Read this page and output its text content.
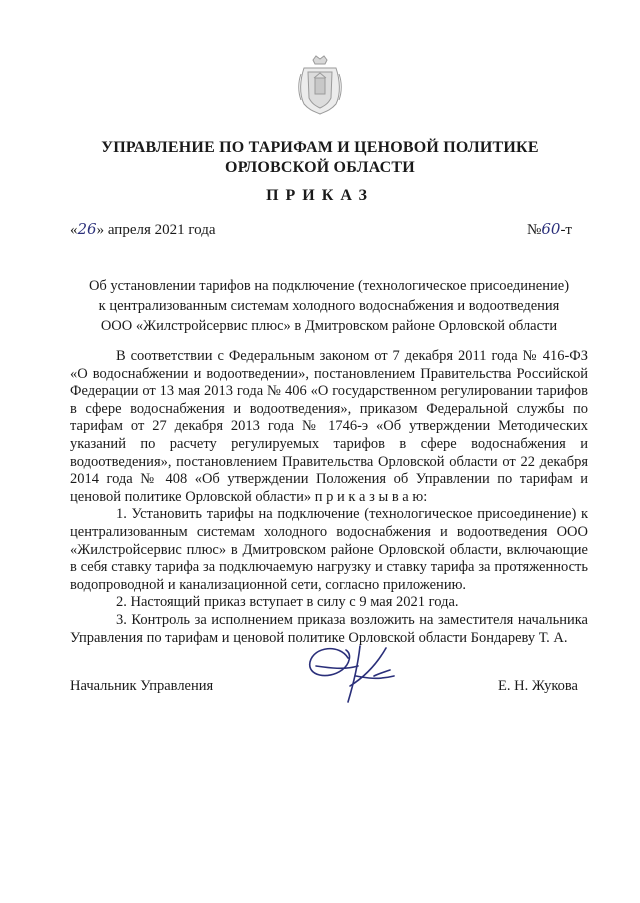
УПРАВЛЕНИЕ ПО ТАРИФАМ И ЦЕНОВОЙ ПОЛИТИКЕ
ОРЛОВСКОЙ ОБЛАСТИ
ПРИКАЗ
«26» апреля 2021 года	№60-т
Об установлении тарифов на подключение (технологическое присоединение)
к централизованным системам холодного водоснабжения и водоотведения
ООО «Жилстройсервис плюс» в Дмитровском районе Орловской области

В соответствии с Федеральным законом от 7 декабря 2011 года № 416-ФЗ «О водоснабжении и водоотведении», постановлением Правительства Российской Федерации от 13 мая 2013 года № 406 «О государственном регулировании тарифов в сфере водоснабжения и водоотведения», приказом Федеральной службы по тарифам от 27 декабря 2013 года № 1746-э «Об утверждении Методических указаний по расчету регулируемых тарифов в сфере водоснабжения и водоотведения», постановлением Правительства Орловской области от 22 декабря 2014 года № 408 «Об утверждении Положения об Управлении по тарифам и ценовой политике Орловской области» п р и к а з ы в а ю:

1. Установить тарифы на подключение (технологическое присоединение) к централизованным системам холодного водоснабжения и водоотведения ООО «Жилстройсервис плюс» в Дмитровском районе Орловской области, включающие в себя ставку тарифа за подключаемую нагрузку и ставку тарифа за протяженность водопроводной и канализационной сети, согласно приложению.

2. Настоящий приказ вступает в силу с 9 мая 2021 года.

3. Контроль за исполнением приказа возложить на заместителя начальника Управления по тарифам и ценовой политике Орловской области Бондареву Т. А.

Начальник Управления	Е. Н. Жукова
